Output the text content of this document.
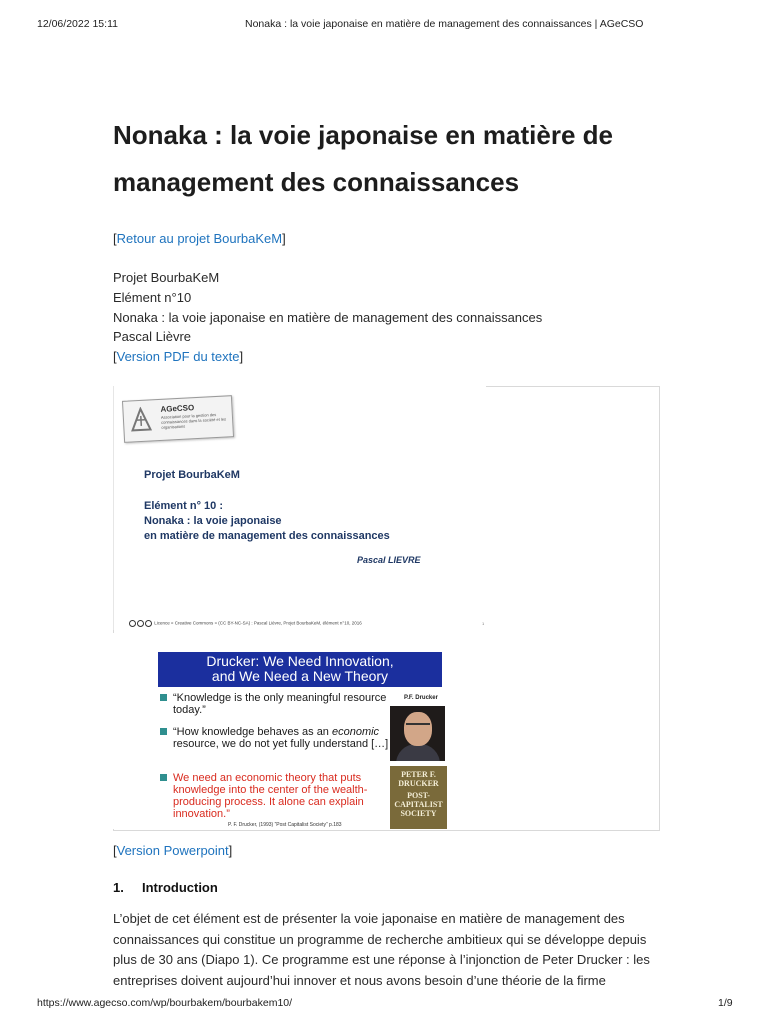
12/06/2022 15:11	Nonaka : la voie japonaise en matière de management des connaissances | AGeCSO
Nonaka : la voie japonaise en matière de management des connaissances
[Retour au projet BourbaKeM]
Projet BourbaKeM
Elément n°10
Nonaka : la voie japonaise en matière de management des connaissances
Pascal Lièvre
[Version PDF du texte]
AGeCSO
Association pour la gestion des connaissances dans la société et les organisations
Projet BourbaKeM
Elément n° 10 :
Nonaka : la voie japonaise
en matière de management des connaissances
Pascal LIEVRE
Licence « Creative Commons » (CC BY-NC-SA) : Pascal Lièvre, Projet BourbaKeM, élément n°10, 2016	1
Drucker: We Need Innovation,
and We Need a New Theory
“Knowledge is the only meaningful resource today.”
“How knowledge behaves as an economic resource, we do not yet fully understand […]
We need an economic theory that puts knowledge into the center of the wealth-producing process. It alone can explain innovation.”
P.F. Drucker
PETER F. DRUCKER
POST- CAPITALIST SOCIETY
P. F. Drucker, (1993) “Post Capitalist Society” p.183
[Version Powerpoint]
1. Introduction

L’objet de cet élément est de présenter la voie japonaise en matière de management des connaissances qui constitue un programme de recherche ambitieux qui se développe depuis plus de 30 ans (Diapo 1). Ce programme est une réponse à l’injonction de Peter Drucker : les entreprises doivent aujourd’hui innover et nous avons besoin d’une théorie de la firme

https://www.agecso.com/wp/bourbakem/bourbakem10/	1/9
